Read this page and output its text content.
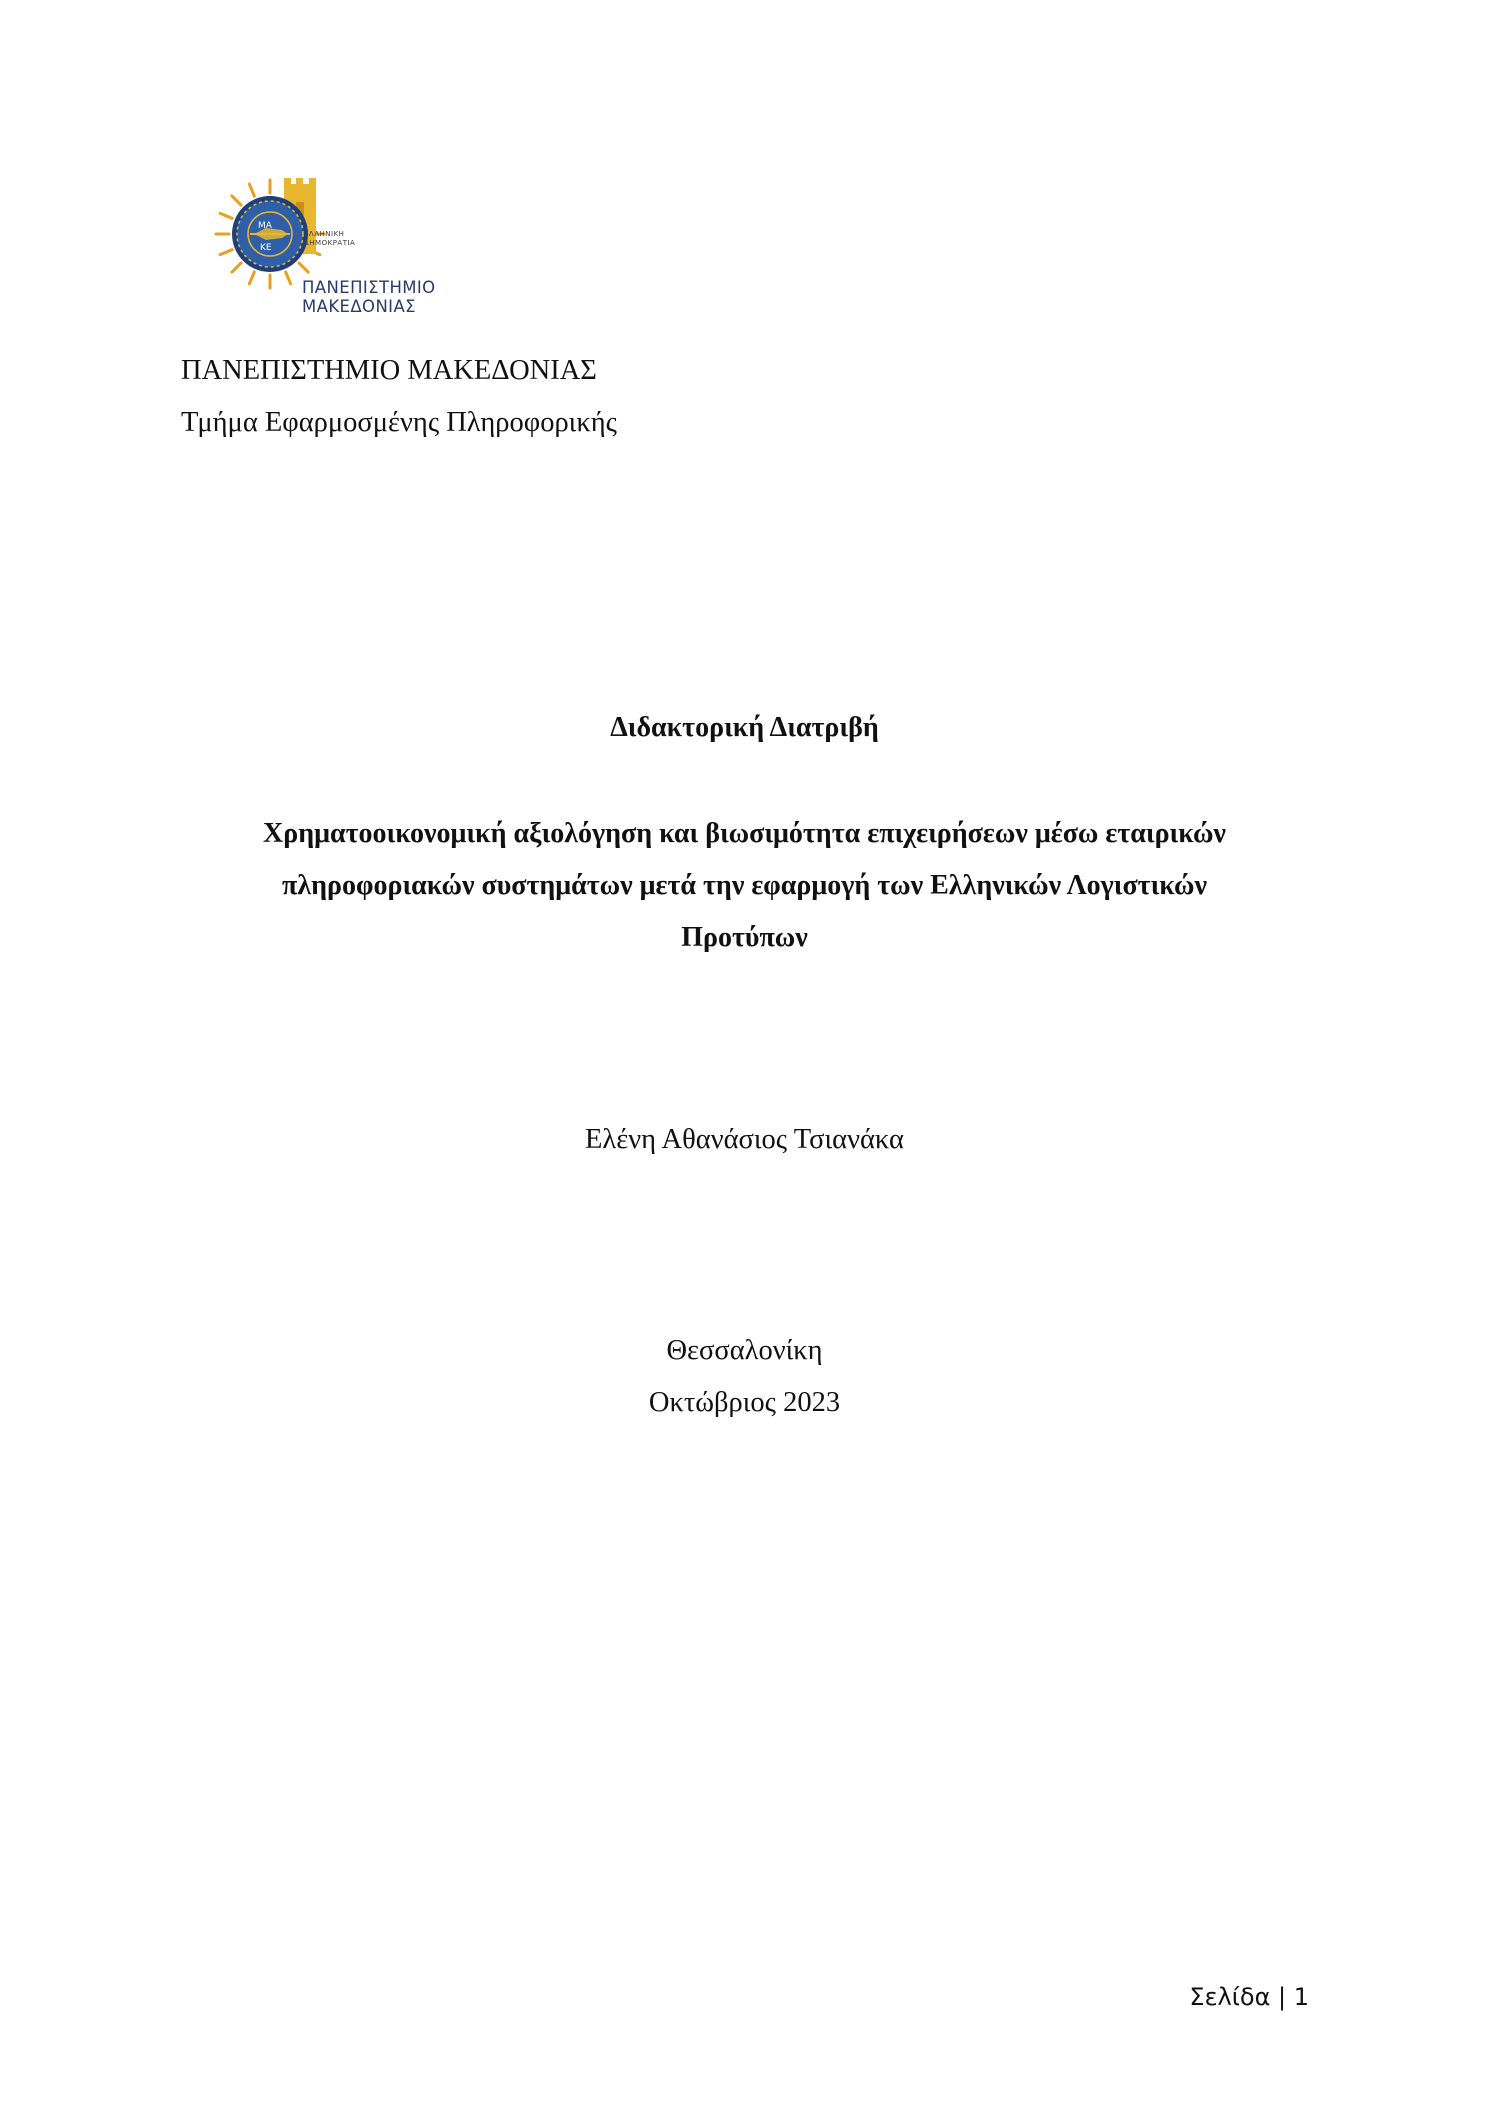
ΜΑ
ΚΕ
ΕΛΛΗΝΙΚΗ
ΔΗΜΟΚΡΑΤΙΑ
ΠΑΝΕΠΙΣΤΗΜΙΟ
ΜΑΚΕΔΟΝΙΑΣ
ΠΑΝΕΠΙΣΤΗΜΙΟ ΜΑΚΕΔΟΝΙΑΣ
Τμήμα Εφαρμοσμένης Πληροφορικής
Διδακτορική Διατριβή
Χρηματοοικονομική αξιολόγηση και βιωσιμότητα επιχειρήσεων μέσω εταιρικών
πληροφοριακών συστημάτων μετά την εφαρμογή των Ελληνικών Λογιστικών
Προτύπων
Ελένη Αθανάσιος Τσιανάκα
Θεσσαλονίκη
Οκτώβριος 2023
Σελίδα | 1
